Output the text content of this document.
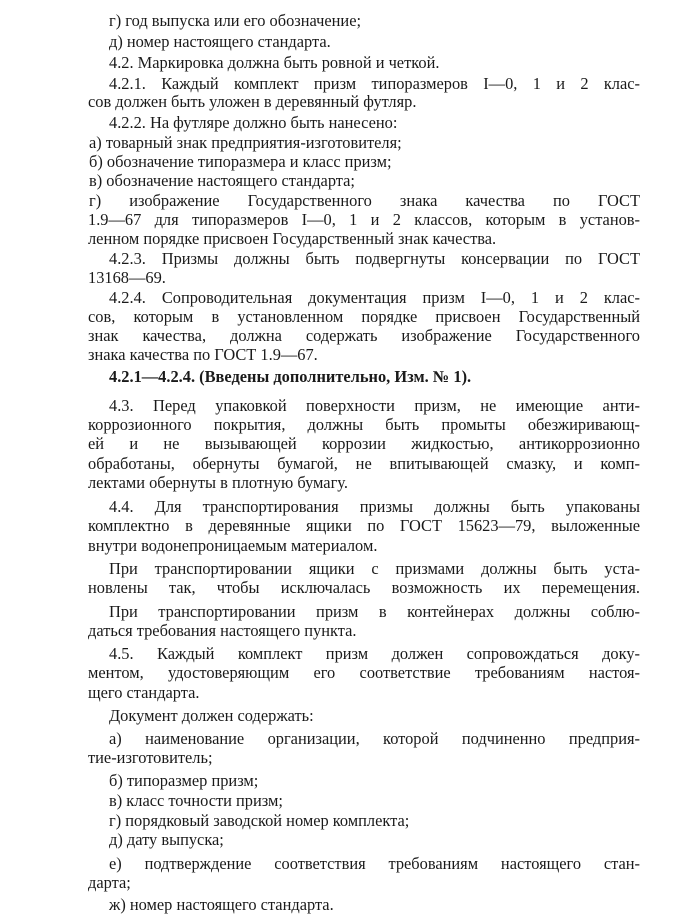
г) год выпуска или его обозначение;
д) номер настоящего стандарта.
4.2. Маркировка должна быть ровной и четкой.
4.2.1. Каждый комплект призм типоразмеров I—0, 1 и 2 клас-
сов должен быть уложен в деревянный футляр.
4.2.2. На футляре должно быть нанесено:
а) товарный знак предприятия-изготовителя;
б) обозначение типоразмера и класс призм;
в) обозначение настоящего стандарта;
г) изображение Государственного знака качества по ГОСТ
1.9—67 для типоразмеров I—0, 1 и 2 классов, которым в установ-
ленном порядке присвоен Государственный знак качества.
4.2.3. Призмы должны быть подвергнуты консервации по ГОСТ
13168—69.
4.2.4. Сопроводительная документация призм I—0, 1 и 2 клас-
сов, которым в установленном порядке присвоен Государственный
знак качества, должна содержать изображение Государственного
знака качества по ГОСТ 1.9—67.
4.2.1—4.2.4. (Введены дополнительно, Изм. № 1).
4.3. Перед упаковкой поверхности призм, не имеющие анти-
коррозионного покрытия, должны быть промыты обезжиривающ-
ей и не вызывающей коррозии жидкостью, антикоррозионно
обработаны, обернуты бумагой, не впитывающей смазку, и комп-
лектами обернуты в плотную бумагу.
4.4. Для транспортирования призмы должны быть упакованы
комплектно в деревянные ящики по ГОСТ 15623—79, выложенные
внутри водонепроницаемым материалом.
При транспортировании ящики с призмами должны быть уста-
новлены так, чтобы исключалась возможность их перемещения.
При транспортировании призм в контейнерах должны соблю-
даться требования настоящего пункта.
4.5. Каждый комплект призм должен сопровождаться доку-
ментом, удостоверяющим его соответствие требованиям настоя-
щего стандарта.
Документ должен содержать:
а) наименование организации, которой подчиненно предприя-
тие-изготовитель;
б) типоразмер призм;
в) класс точности призм;
г) порядковый заводской номер комплекта;
д) дату выпуска;
е) подтверждение соответствия требованиям настоящего стан-
дарта;
ж) номер настоящего стандарта.
